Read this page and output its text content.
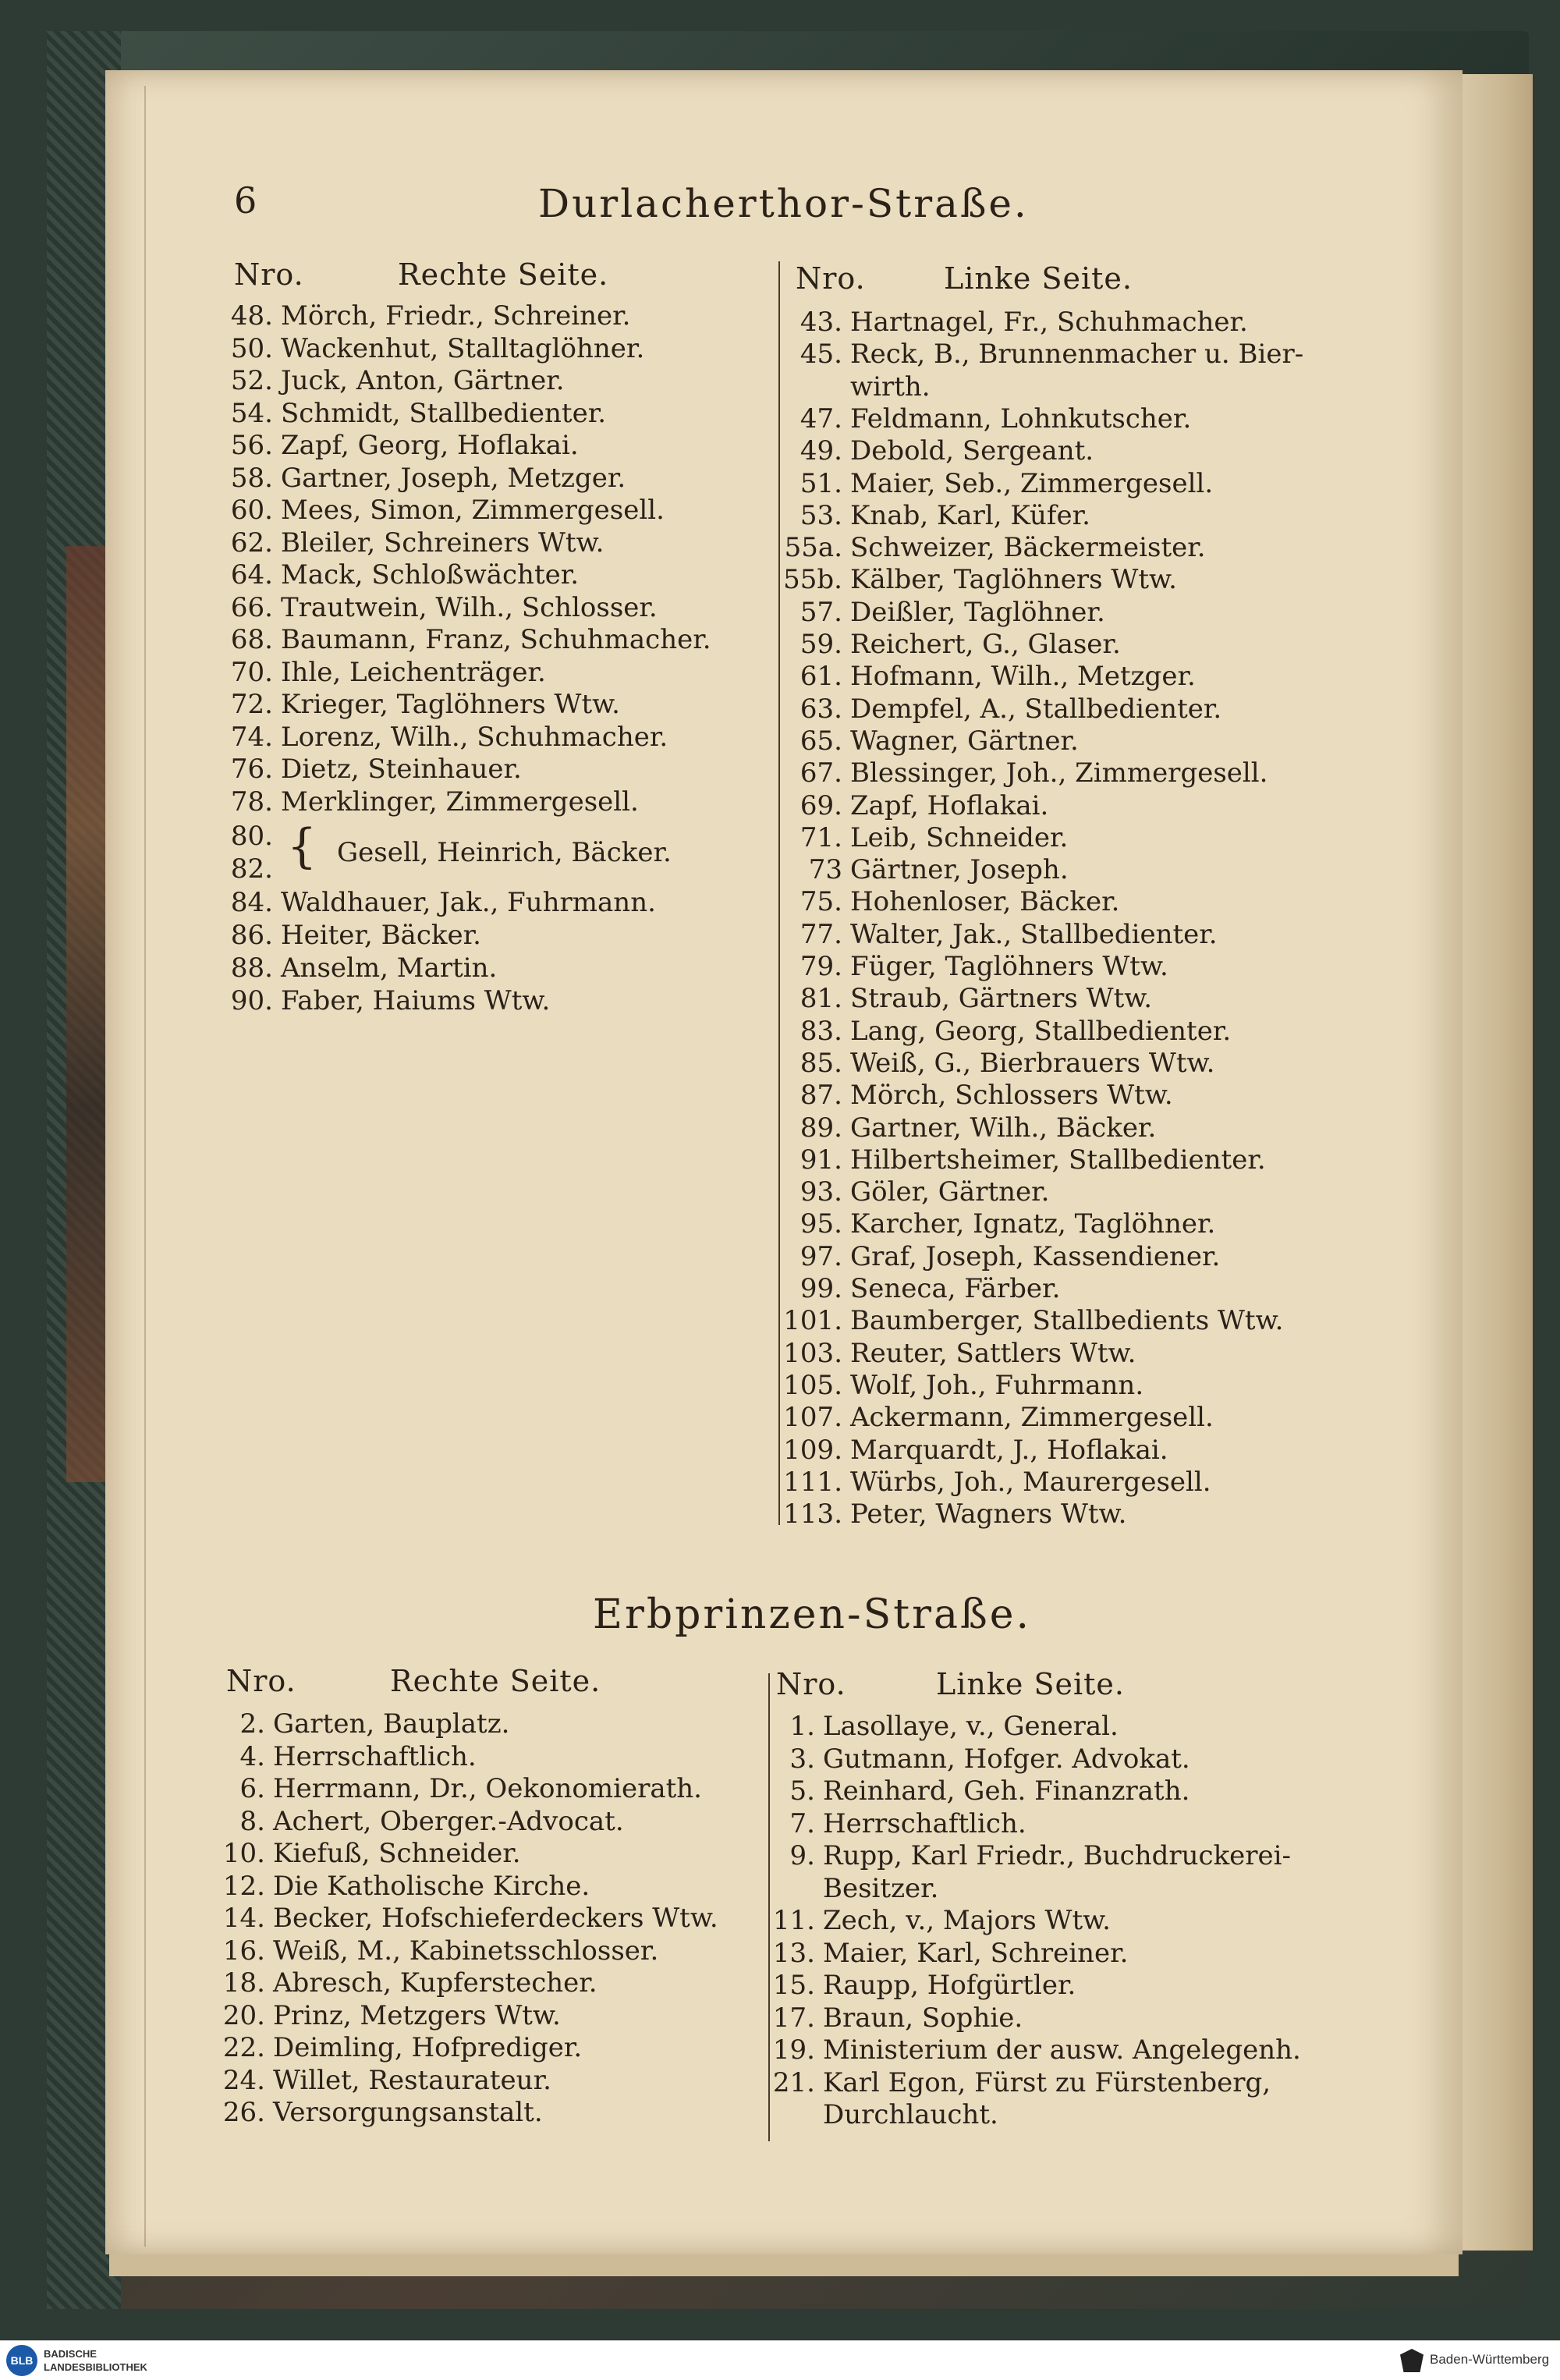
6	Durlacherthor-Straße.
Nro.	Rechte Seite.	Nro.	Linke Seite.
48. Mörch, Friedr., Schreiner.
50. Wackenhut, Stalltaglöhner.
52. Juck, Anton, Gärtner.
54. Schmidt, Stallbedienter.
56. Zapf, Georg, Hoflakai.
58. Gartner, Joseph, Metzger.
60. Mees, Simon, Zimmergesell.
62. Bleiler, Schreiners Wtw.
64. Mack, Schloßwächter.
66. Trautwein, Wilh., Schlosser.
68. Baumann, Franz, Schuhmacher.
70. Ihle, Leichenträger.
72. Krieger, Taglöhners Wtw.
74. Lorenz, Wilh., Schuhmacher.
76. Dietz, Steinhauer.
78. Merklinger, Zimmergesell.
80.
82. { Gesell, Heinrich, Bäcker.
84. Waldhauer, Jak., Fuhrmann.
86. Heiter, Bäcker.
88. Anselm, Martin.
90. Faber, Haiums Wtw.
43. Hartnagel, Fr., Schuhmacher.
45. Reck, B., Brunnenmacher u. Bier-
wirth.
47. Feldmann, Lohnkutscher.
49. Debold, Sergeant.
51. Maier, Seb., Zimmergesell.
53. Knab, Karl, Küfer.
55a. Schweizer, Bäckermeister.
55b. Kälber, Taglöhners Wtw.
57. Deißler, Taglöhner.
59. Reichert, G., Glaser.
61. Hofmann, Wilh., Metzger.
63. Dempfel, A., Stallbedienter.
65. Wagner, Gärtner.
67. Blessinger, Joh., Zimmergesell.
69. Zapf, Hoflakai.
71. Leib, Schneider.
73 Gärtner, Joseph.
75. Hohenloser, Bäcker.
77. Walter, Jak., Stallbedienter.
79. Füger, Taglöhners Wtw.
81. Straub, Gärtners Wtw.
83. Lang, Georg, Stallbedienter.
85. Weiß, G., Bierbrauers Wtw.
87. Mörch, Schlossers Wtw.
89. Gartner, Wilh., Bäcker.
91. Hilbertsheimer, Stallbedienter.
93. Göler, Gärtner.
95. Karcher, Ignatz, Taglöhner.
97. Graf, Joseph, Kassendiener.
99. Seneca, Färber.
101. Baumberger, Stallbedients Wtw.
103. Reuter, Sattlers Wtw.
105. Wolf, Joh., Fuhrmann.
107. Ackermann, Zimmergesell.
109. Marquardt, J., Hoflakai.
111. Würbs, Joh., Maurergesell.
113. Peter, Wagners Wtw.
Erbprinzen-Straße.
Nro.	Rechte Seite.	Nro.	Linke Seite.
2. Garten, Bauplatz.
4. Herrschaftlich.
6. Herrmann, Dr., Oekonomierath.
8. Achert, Oberger.-Advocat.
10. Kiefuß, Schneider.
12. Die Katholische Kirche.
14. Becker, Hofschieferdeckers Wtw.
16. Weiß, M., Kabinetsschlosser.
18. Abresch, Kupferstecher.
20. Prinz, Metzgers Wtw.
22. Deimling, Hofprediger.
24. Willet, Restaurateur.
26. Versorgungsanstalt.
1. Lasollaye, v., General.
3. Gutmann, Hofger. Advokat.
5. Reinhard, Geh. Finanzrath.
7. Herrschaftlich.
9. Rupp, Karl Friedr., Buchdruckerei-
Besitzer.
11. Zech, v., Majors Wtw.
13. Maier, Karl, Schreiner.
15. Raupp, Hofgürtler.
17. Braun, Sophie.
19. Ministerium der ausw. Angelegenh.
21. Karl Egon, Fürst zu Fürstenberg,
Durchlaucht.
BLB
BADISCHE
LANDESBIBLIOTHEK
Baden-Württemberg
